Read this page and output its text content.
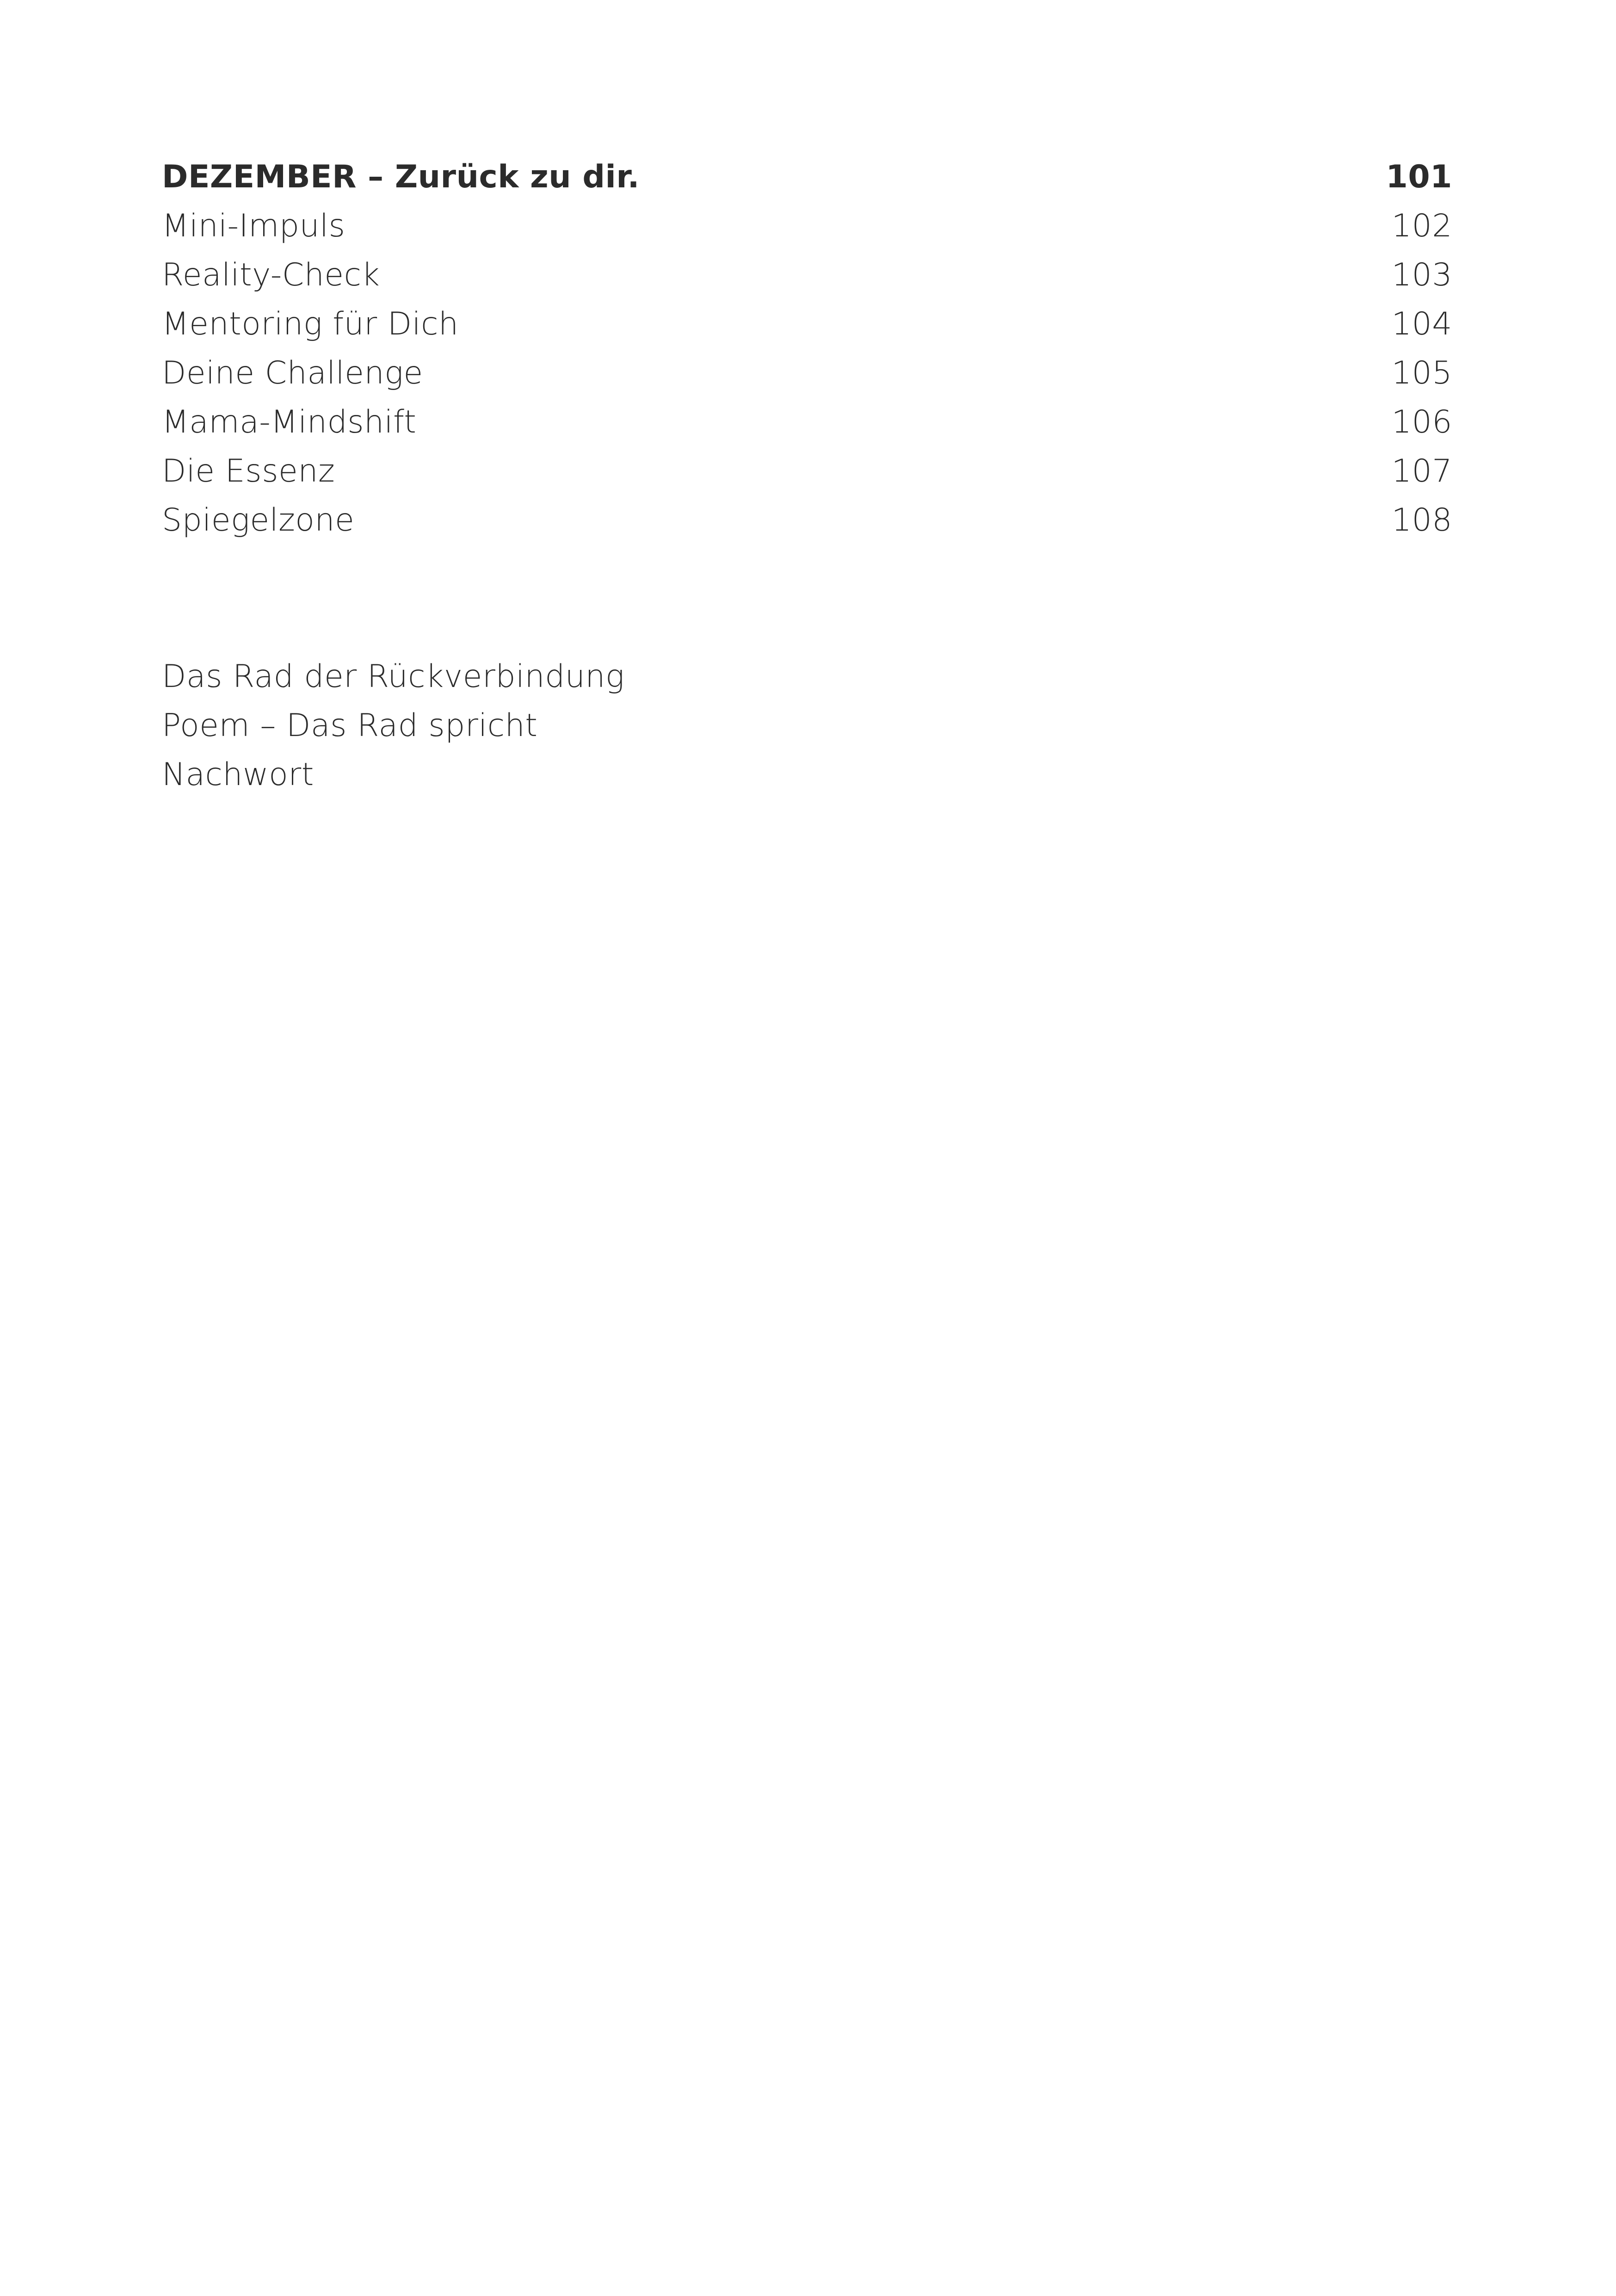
DEZEMBER – Zurück zu dir.	101
Mini-Impuls	102
Reality-Check	103
Mentoring für Dich	104
Deine Challenge	105
Mama-Mindshift	106
Die Essenz	107
Spiegelzone	108
Das Rad der Rückverbindung
Poem – Das Rad spricht
Nachwort
